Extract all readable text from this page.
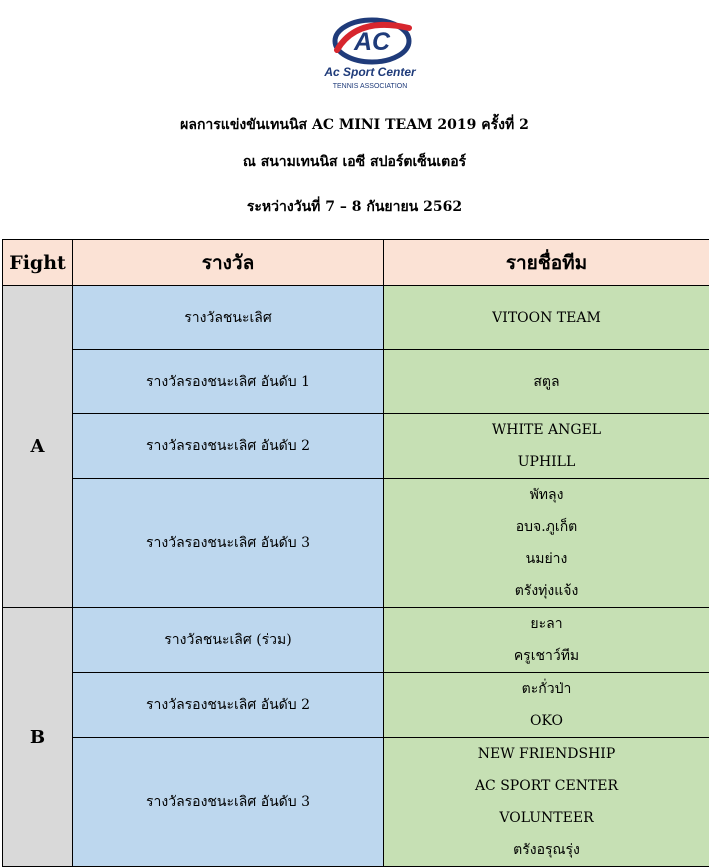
AC
Ac Sport Center
TENNIS ASSOCIATION
ผลการแข่งขันเทนนิส AC MINI TEAM 2019 ครั้งที่ 2
ณ สนามเทนนิส เอซี สปอร์ตเซ็นเตอร์
ระหว่างวันที่ 7 – 8 กันยายน 2562
Fight	รางวัล	รายชื่อทีม
A	รางวัลชนะเลิศ	VITOON TEAM

	รางวัลรองชนะเลิศ อันดับ 1	สตูล

	รางวัลรองชนะเลิศ อันดับ 2	WHITE ANGEL
UPHILL

	รางวัลรองชนะเลิศ อันดับ 3	พัทลุง
อบจ.ภูเก็ต
นมย่าง
ตรังทุ่งแจ้ง

B	รางวัลชนะเลิศ (ร่วม)	ยะลา
ครูเชาว์ทีม

	รางวัลรองชนะเลิศ อันดับ 2	ตะกั่วป่า
OKO

	รางวัลรองชนะเลิศ อันดับ 3	NEW FRIENDSHIP
AC SPORT CENTER
VOLUNTEER
ตรังอรุณรุ่ง
